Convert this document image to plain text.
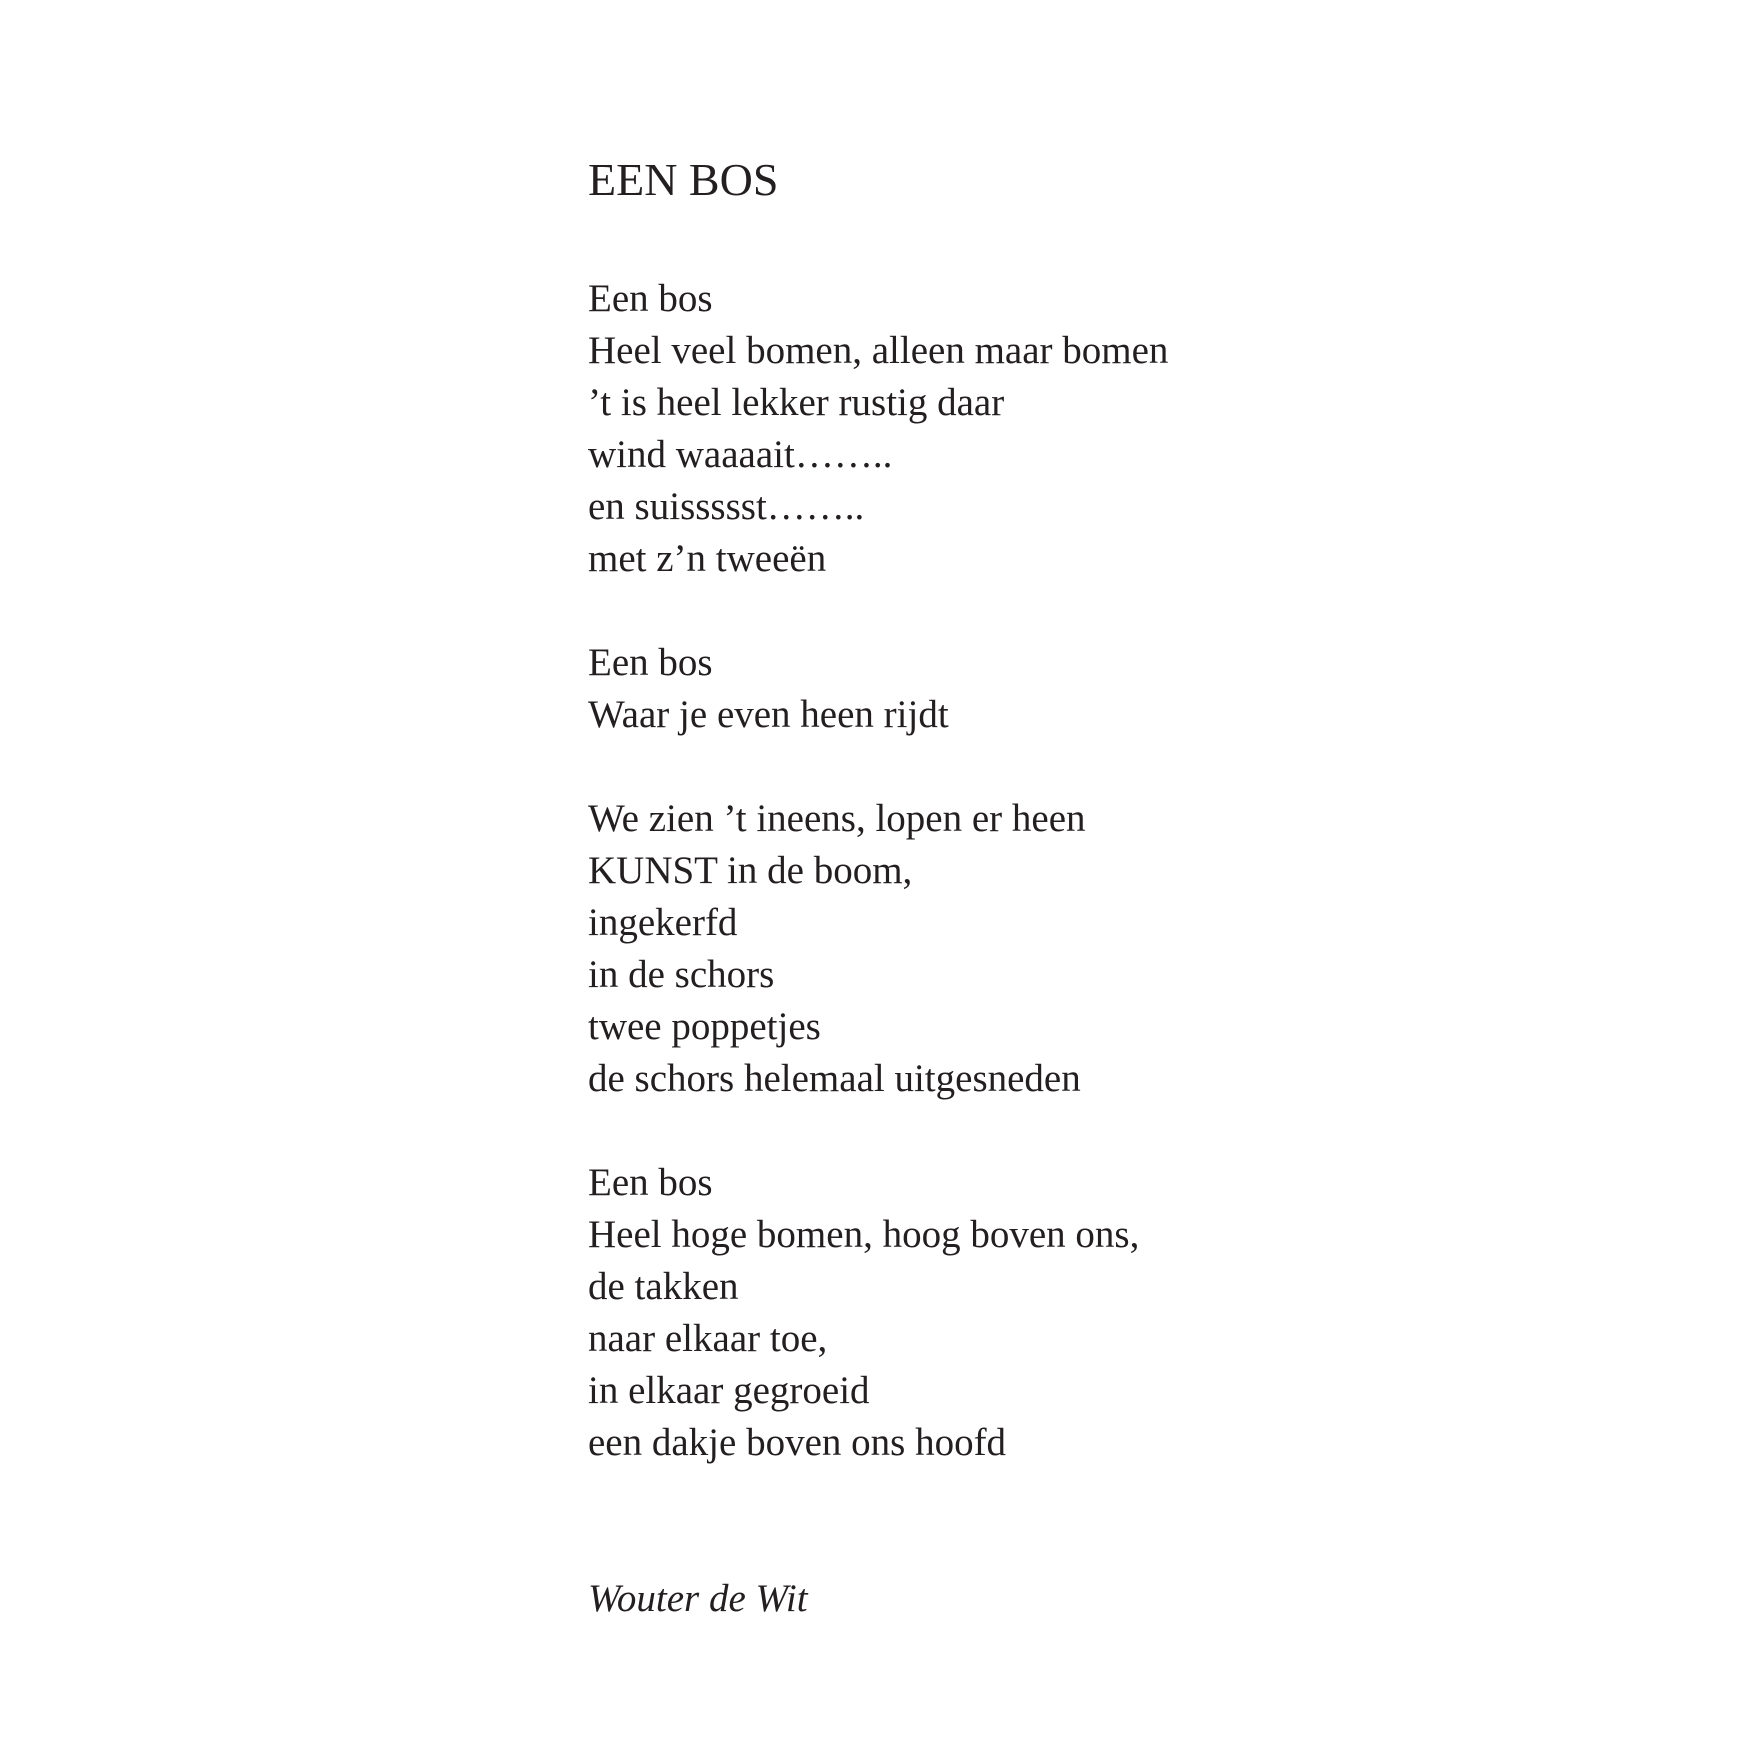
EEN BOS
Een bos
Heel veel bomen, alleen maar bomen
’t is heel lekker rustig daar
wind waaaait……..
en suissssst……..
met z’n tweeën
Een bos
Waar je even heen rijdt
We zien ’t ineens, lopen er heen
KUNST in de boom,
ingekerfd
in de schors
twee poppetjes
de schors helemaal uitgesneden
Een bos
Heel hoge bomen, hoog boven ons,
de takken
naar elkaar toe,
in elkaar gegroeid
een dakje boven ons hoofd
Wouter de Wit
